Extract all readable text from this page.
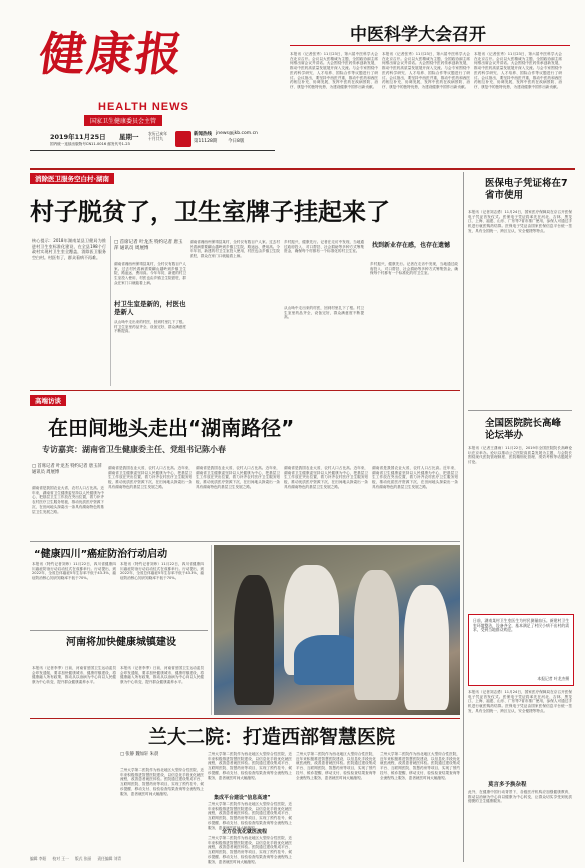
健康报
HEALTH NEWS
国家卫生健康委员会主管
2019年11月25日 星期一	农历己亥年 十月廿九
新闻热线 jnews@jkb.com.cn
第11128期 今日8版
国内统一连续出版物号CN11-0016 邮发代号1-23
中医科学大会召开
本报讯（记者张秀）11月23日，第六届中医科学大会在北京召开。会议以大医精诚为主题，全国政协副主席何维出席会议并讲话。大会围绕中医药传承创新发展，推动中医药高质量发展展开深入交流。与会专家围绕中医药科学研究、人才培养、国际合作等议题进行了研讨。会议指出，要坚持中西医并重，推动中医药和西医药相互补充、协调发展，发挥中医药在疾病预防、治疗、康复中的独特优势，为建设健康中国作出新贡献。
本报讯（记者张秀）11月23日，第六届中医科学大会在北京召开。会议以大医精诚为主题，全国政协副主席何维出席会议并讲话。大会围绕中医药传承创新发展，推动中医药高质量发展展开深入交流。与会专家围绕中医药科学研究、人才培养、国际合作等议题进行了研讨。会议指出，要坚持中西医并重，推动中医药和西医药相互补充、协调发展，发挥中医药在疾病预防、治疗、康复中的独特优势，为建设健康中国作出新贡献。
本报讯（记者张秀）11月23日，第六届中医科学大会在北京召开。会议以大医精诚为主题，全国政协副主席何维出席会议并讲话。大会围绕中医药传承创新发展，推动中医药高质量发展展开深入交流。与会专家围绕中医药科学研究、人才培养、国际合作等议题进行了研讨。会议指出，要坚持中西医并重，推动中医药和西医药相互补充、协调发展，发挥中医药在疾病预防、治疗、康复中的独特优势，为建设健康中国作出新贡献。
消除医卫服务空白村·湖南
村子脱贫了，卫生室牌子挂起来了
核心提示：2018年湖南某县卫健局为推进村卫生室标准化建设，在全县198个行政村实现村卫生室全覆盖，消除医卫服务空白村。村医有了，群众看病不再难。
□ 首席记者 叶龙杰 特约记者 唐玉萍 通讯员 周展博
村卫生室是新的，村医也是新人
湖南省湘西州保靖县某村，全村仅有数百户人家。过去村民看病需要翻山越岭到乡镇卫生院，路途远、费用高。今年年初，新建的村卫生室投入使用，村医也由乡镇卫生院派驻，群众在家门口就能看上病。
从山坳中走出来的村医，回到村里扎下了根。村卫生室里药品齐全，设备完好，群众满意度不断提高。
湖南省湘西州保靖县某村，全村仅有数百户人家。过去村民看病需要翻山越岭到乡镇卫生院，路途远、费用高。今年年初，新建的村卫生室投入使用，村医也由乡镇卫生院派驻，群众在家门口就能看上病。
乡村振兴，健康先行。记者在走访中发现，当地通过政府投入、对口帮扶、社会捐助等多种方式筹集资金，确保每个村都有一个标准化的村卫生室。
找到新业存在感，也存在遗憾
从山坳中走出来的村医，回到村里扎下了根。村卫生室里药品齐全，设备完好，群众满意度不断提高。
乡村振兴，健康先行。记者在走访中发现，当地通过政府投入、对口帮扶、社会捐助等多种方式筹集资金，确保每个村都有一个标准化的村卫生室。
医保电子凭证将在7省市使用
本报讯（记者刘志勇）11月24日，国家医疗保障局在京召开医保电子凭证首发仪式。医保电子凭证将率先在河北、吉林、黑龙江、上海、福建、山东、广东等7省市推广使用，参保人可通过手机进行就医购药结算。医保电子凭证由国家医保信息平台统一签发，具有全国统一、跨区互认、安全便捷等特点。
全国医院院长高峰论坛举办
本报讯（记者王潇雨）11月22日，2019年全国医院院长高峰论坛在京举办。论坛以推动公立医院高质量发展为主题，与会院长围绕现代医院管理制度、医院精细化管理、绩效考核等话题展开讨论。
日前，湖南某村卫生室医生为村民测量血压。新建村卫生室环境整洁，设备齐全，基本满足了村民小病不出村的需求，受到当地群众欢迎。
本报记者 叶龙杰摄
本报讯（记者刘志勇）11月24日，国家医疗保障局在京召开医保电子凭证首发仪式。医保电子凭证将率先在河北、吉林、黑龙江、上海、福建、山东、广东等7省市推广使用，参保人可通过手机进行就医购药结算。医保电子凭证由国家医保信息平台统一签发，具有全国统一、跨区互认、安全便捷等特点。
莫言多予换杂程
此外，在健康中国行动背景下，各级医疗机构应加强健康教育，推动以治病为中心向以健康为中心转变，让群众切实享受到优质便捷的卫生健康服务。
高端访谈
在田间地头走出“湖南路径”
专访嘉宾：湖南省卫生健康委主任、党组书记陈小春
□ 首席记者 叶龙杰 特约记者 唐玉萍 通讯员 周展博
湖南省是我国农业大省，农村人口占比高。近年来，湖南省卫生健康委坚持以人民健康为中心，把基层卫生工作放在突出位置，着力补齐农村医疗卫生服务短板，推动优质医疗资源下沉，在田间地头探索出一条具有湖南特色的基层卫生发展之路。
湖南省是我国农业大省，农村人口占比高。近年来，湖南省卫生健康委坚持以人民健康为中心，把基层卫生工作放在突出位置，着力补齐农村医疗卫生服务短板，推动优质医疗资源下沉，在田间地头探索出一条具有湖南特色的基层卫生发展之路。
湖南省是我国农业大省，农村人口占比高。近年来，湖南省卫生健康委坚持以人民健康为中心，把基层卫生工作放在突出位置，着力补齐农村医疗卫生服务短板，推动优质医疗资源下沉，在田间地头探索出一条具有湖南特色的基层卫生发展之路。
湖南省是我国农业大省，农村人口占比高。近年来，湖南省卫生健康委坚持以人民健康为中心，把基层卫生工作放在突出位置，着力补齐农村医疗卫生服务短板，推动优质医疗资源下沉，在田间地头探索出一条具有湖南特色的基层卫生发展之路。
湖南省是我国农业大省，农村人口占比高。近年来，湖南省卫生健康委坚持以人民健康为中心，把基层卫生工作放在突出位置，着力补齐农村医疗卫生服务短板，推动优质医疗资源下沉，在田间地头探索出一条具有湖南特色的基层卫生发展之路。
“健康四川”癌症防治行动启动
本报讯（特约记者刘炜）11月22日，四川省健康四川癌症防治行动启动仪式在成都举行。行动提出，到2022年，全省总体癌症5年生存率不低于43.3%，癌症防治核心知识知晓率不低于70%。
本报讯（特约记者刘炜）11月22日，四川省健康四川癌症防治行动启动仪式在成都举行。行动提出，到2022年，全省总体癌症5年生存率不低于43.3%，癌症防治核心知识知晓率不低于70%。
河南将加快健康城镇建设
本报讯（记者李季）日前，河南省爱国卫生运动委员会印发通知，要求加快健康城市、健康村镇建设，将健康融入所有政策，推动从以治病为中心向以人民健康为中心转变，提升群众健康素养水平。
本报讯（记者李季）日前，河南省爱国卫生运动委员会印发通知，要求加快健康城市、健康村镇建设，将健康融入所有政策，推动从以治病为中心向以人民健康为中心转变，提升群众健康素养水平。
兰大二院：打造西部智慧医院
□ 张静 魏加轩 朱晨
兰州大学第二医院作为西北地区大型综合性医院，近年来积极推进智慧医院建设，以信息化手段优化就医流程，改善患者就医体验。医院通过建设集成平台、互联网医院、智慧药房等项目，实现了预约挂号、候诊提醒、移动支付、检验检查结果查询等全流程线上服务，患者就医时间大幅缩短。
兰州大学第二医院作为西北地区大型综合性医院，近年来积极推进智慧医院建设，以信息化手段优化就医流程，改善患者就医体验。医院通过建设集成平台、互联网医院、智慧药房等项目，实现了预约挂号、候诊提醒、移动支付、检验检查结果查询等全流程线上服务，患者就医时间大幅缩短。
集成平台建设“信息高速”
兰州大学第二医院作为西北地区大型综合性医院，近年来积极推进智慧医院建设，以信息化手段优化就医流程，改善患者就医体验。医院通过建设集成平台、互联网医院、智慧药房等项目，实现了预约挂号、候诊提醒、移动支付、检验检查结果查询等全流程线上服务，患者就医时间大幅缩短。
全方位优化就医流程
兰州大学第二医院作为西北地区大型综合性医院，近年来积极推进智慧医院建设，以信息化手段优化就医流程，改善患者就医体验。医院通过建设集成平台、互联网医院、智慧药房等项目，实现了预约挂号、候诊提醒、移动支付、检验检查结果查询等全流程线上服务，患者就医时间大幅缩短。
兰州大学第二医院作为西北地区大型综合性医院，近年来积极推进智慧医院建设，以信息化手段优化就医流程，改善患者就医体验。医院通过建设集成平台、互联网医院、智慧药房等项目，实现了预约挂号、候诊提醒、移动支付、检验检查结果查询等全流程线上服务，患者就医时间大幅缩短。
兰州大学第二医院作为西北地区大型综合性医院，近年来积极推进智慧医院建设，以信息化手段优化就医流程，改善患者就医体验。医院通过建设集成平台、互联网医院、智慧药房等项目，实现了预约挂号、候诊提醒、移动支付、检验检查结果查询等全流程线上服务，患者就医时间大幅缩短。
编辑 李阳 校对 王一 版式 张丽 责任编辑 刘青
